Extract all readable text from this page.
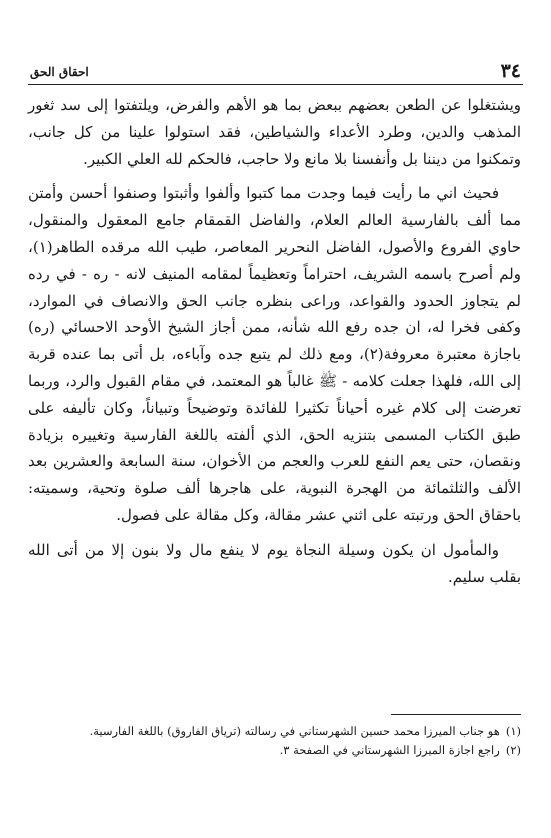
٣٤
احقاق الحق

ويشتغلوا عن الطعن بعضهم ببعض بما هو الأهم والفرض، ويلتفتوا إلى سد ثغور المذهب والدين، وطرد الأعداء والشياطين، فقد استولوا علينا من كل جانب، وتمكنوا من ديننا بل وأنفسنا بلا مانع ولا حاجب، فالحكم لله العلي الكبير.

فحيث اني ما رأيت فيما وجدت مما كتبوا وألفوا وأثبتوا وصنفوا أحسن وأمتن مما ألف بالفارسية العالم العلام، والفاضل القمقام جامع المعقول والمنقول، حاوي الفروع والأصول، الفاضل النحرير المعاصر، طيب الله مرقده الطاهر(١)، ولم أصرح باسمه الشريف، احتراماً وتعظيماً لمقامه المنيف لانه - ره - في رده لم يتجاوز الحدود والقواعد، وراعى بنظره جانب الحق والانصاف في الموارد، وكفى فخرا له، ان جده رفع الله شأنه، ممن أجاز الشيخ الأوحد الاحسائي (ره) باجازة معتبرة معروفة(٢)، ومع ذلك لم يتبع جده وآباءه، بل أتى بما عنده قربة إلى الله، فلهذا جعلت كلامه - ﷺ غالباً هو المعتمد، في مقام القبول والرد، وربما تعرضت إلى كلام غيره أحياناً تكثيرا للفائدة وتوضيحاً وتبياناً، وكان تأليفه على طبق الكتاب المسمى بتنزيه الحق، الذي ألفته باللغة الفارسية وتغييره بزيادة ونقصان، حتى يعم النفع للعرب والعجم من الأخوان، سنة السابعة والعشرين بعد الألف والثلثمائة من الهجرة النبوية، على هاجرها ألف صلوة وتحية، وسميته: باحقاق الحق ورتبته على اثني عشر مقالة، وكل مقالة على فصول.

والمأمول ان يكون وسيلة النجاة يوم لا ينفع مال ولا بنون إلا من أتى الله بقلب سليم.

(١)
هو جناب الميرزا محمد حسين الشهرستاني في رسالته (ترياق الفاروق) باللغة الفارسية.
(٢)
راجع اجازة الميرزا الشهرستاني في الصفحة ٣.
